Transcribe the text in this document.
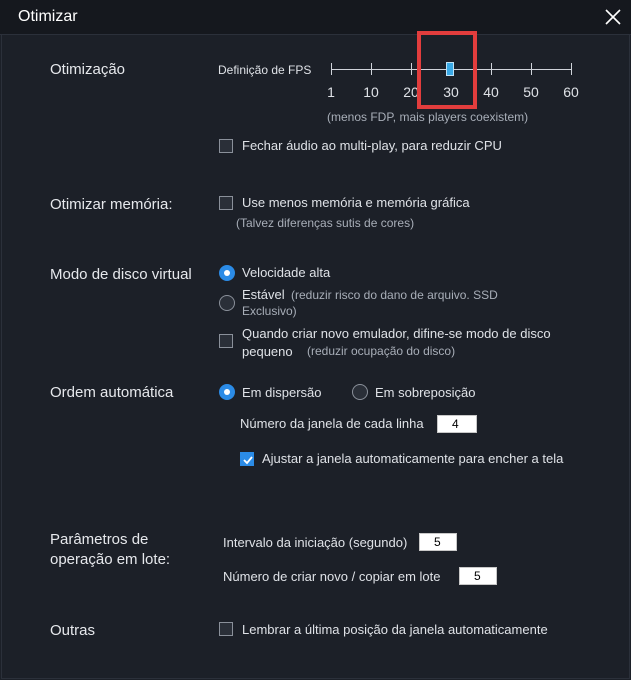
Otimizar
Otimização	Definição de FPS
1 10 20 30 40 50 60
(menos FDP, mais players coexistem)
Fechar áudio ao multi-play, para reduzir CPU
Otimizar memória:	Use menos memória e memória gráfica
(Talvez diferenças sutis de cores)
Modo de disco virtual	Velocidade alta
Estável (reduzir risco do dano de arquivo. SSD
Exclusivo)
Quando criar novo emulador, difine-se modo de disco
pequeno (reduzir ocupação do disco)
Ordem automática	Em dispersão	Em sobreposição
Número da janela de cada linha	4
Ajustar a janela automaticamente para encher a tela
Parâmetros de
operação em lote:
Intervalo da iniciação (segundo)	5
Número de criar novo / copiar em lote	5
Outras	Lembrar a última posição da janela automaticamente
